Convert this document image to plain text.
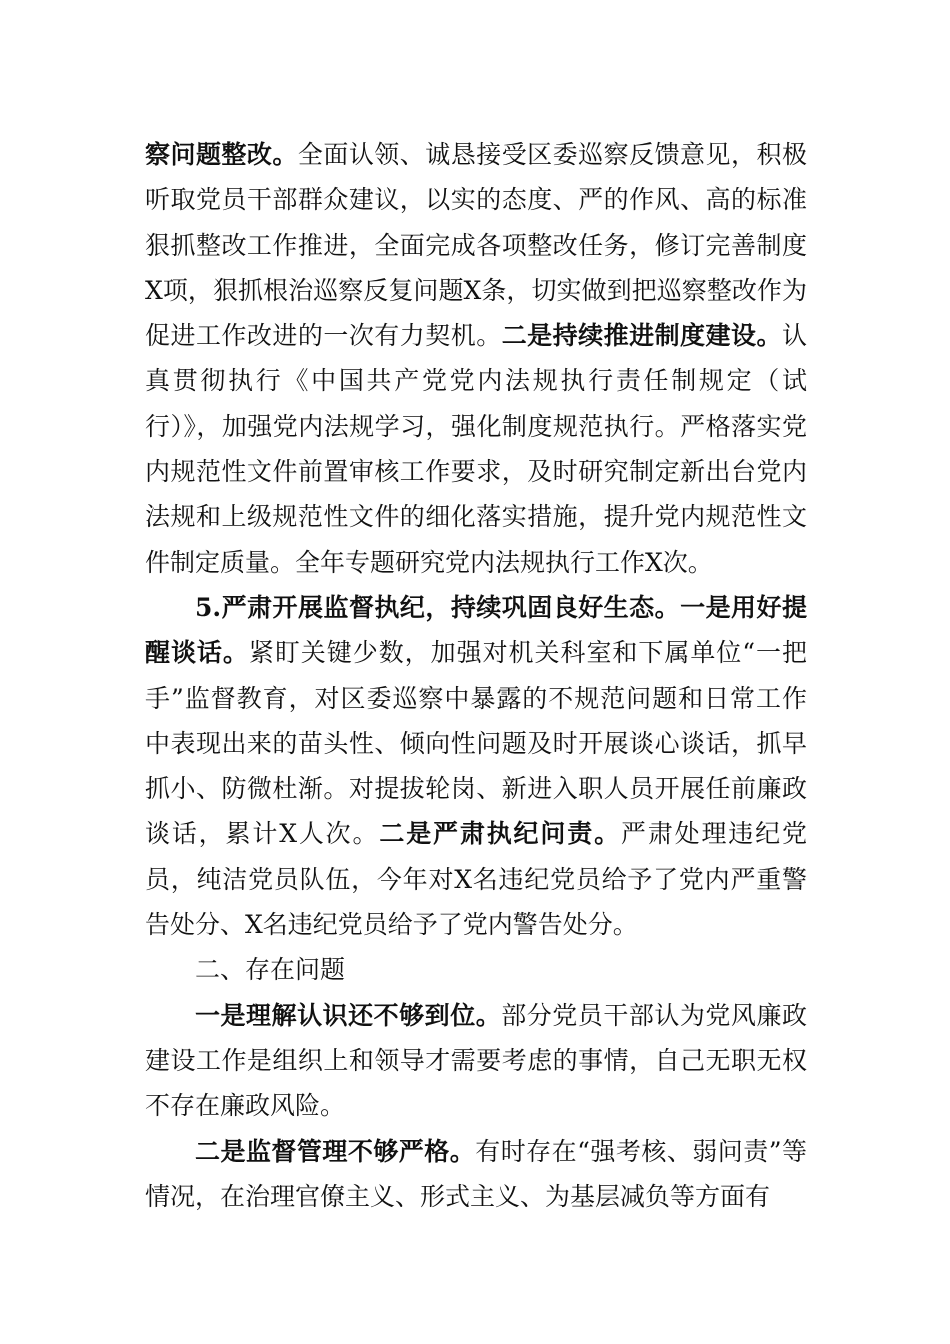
察问题整改。全面认领、诚恳接受区委巡察反馈意见，积极听取党员干部群众建议，以实的态度、严的作风、高的标准狠抓整改工作推进，全面完成各项整改任务，修订完善制度X项，狠抓根治巡察反复问题X条，切实做到把巡察整改作为促进工作改进的一次有力契机。二是持续推进制度建设。认真贯彻执行《中国共产党党内法规执行责任制规定（试行）》，加强党内法规学习，强化制度规范执行。严格落实党内规范性文件前置审核工作要求，及时研究制定新出台党内法规和上级规范性文件的细化落实措施，提升党内规范性文件制定质量。全年专题研究党内法规执行工作X次。

5.严肃开展监督执纪，持续巩固良好生态。一是用好提醒谈话。紧盯关键少数，加强对机关科室和下属单位“一把手”监督教育，对区委巡察中暴露的不规范问题和日常工作中表现出来的苗头性、倾向性问题及时开展谈心谈话，抓早抓小、防微杜渐。对提拔轮岗、新进入职人员开展任前廉政谈话，累计X人次。二是严肃执纪问责。严肃处理违纪党员，纯洁党员队伍，今年对X名违纪党员给予了党内严重警告处分、X名违纪党员给予了党内警告处分。

二、存在问题

一是理解认识还不够到位。部分党员干部认为党风廉政建设工作是组织上和领导才需要考虑的事情，自己无职无权不存在廉政风险。

二是监督管理不够严格。有时存在“强考核、弱问责”等情况，在治理官僚主义、形式主义、为基层减负等方面有
